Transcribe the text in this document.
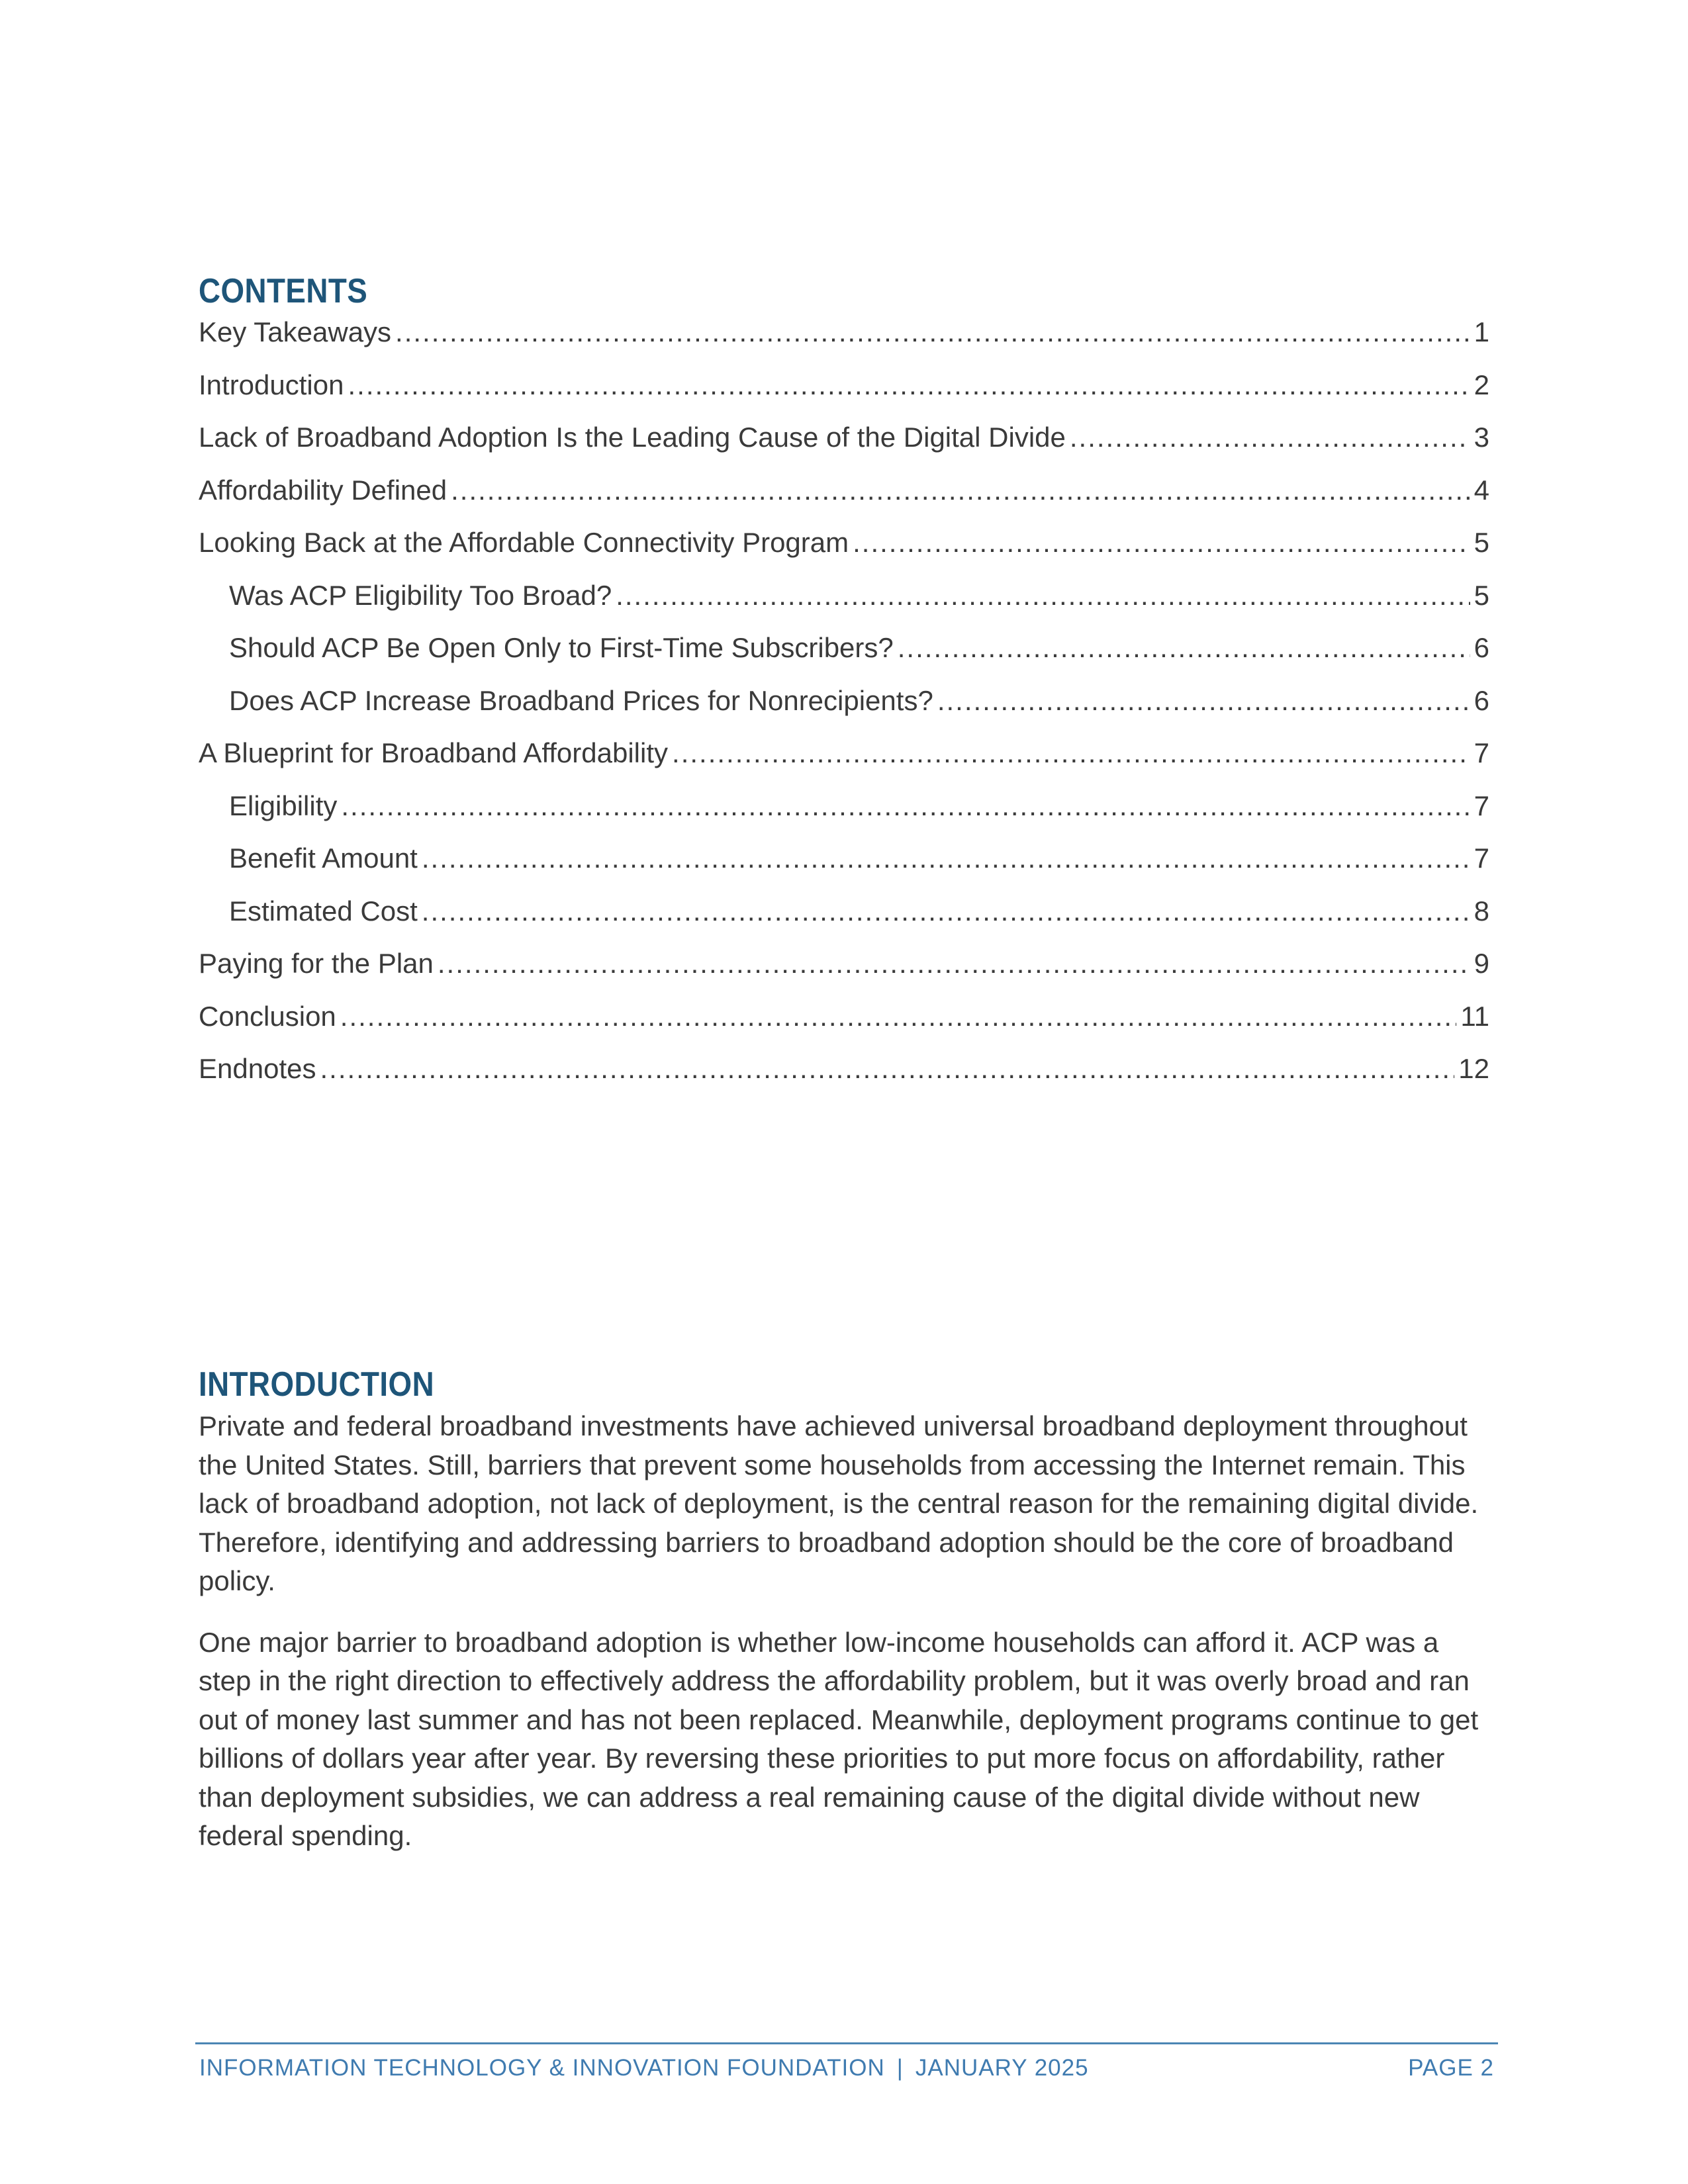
CONTENTS
Key Takeaways .....	1
Introduction .....	2
Lack of Broadband Adoption Is the Leading Cause of the Digital Divide .....	3
Affordability Defined .....	4
Looking Back at the Affordable Connectivity Program .....	5
Was ACP Eligibility Too Broad? .....	5
Should ACP Be Open Only to First-Time Subscribers? .....	6
Does ACP Increase Broadband Prices for Nonrecipients? .....	6
A Blueprint for Broadband Affordability .....	7
Eligibility .....	7
Benefit Amount .....	7
Estimated Cost .....	8
Paying for the Plan .....	9
Conclusion .....	11
Endnotes .....	12
INTRODUCTION

Private and federal broadband investments have achieved universal broadband deployment throughout the United States. Still, barriers that prevent some households from accessing the Internet remain. This lack of broadband adoption, not lack of deployment, is the central reason for the remaining digital divide. Therefore, identifying and addressing barriers to broadband adoption should be the core of broadband policy.

One major barrier to broadband adoption is whether low-income households can afford it. ACP was a step in the right direction to effectively address the affordability problem, but it was overly broad and ran out of money last summer and has not been replaced. Meanwhile, deployment programs continue to get billions of dollars year after year. By reversing these priorities to put more focus on affordability, rather than deployment subsidies, we can address a real remaining cause of the digital divide without new federal spending.

INFORMATION TECHNOLOGY & INNOVATION FOUNDATION | JANUARY 2025	PAGE 2
